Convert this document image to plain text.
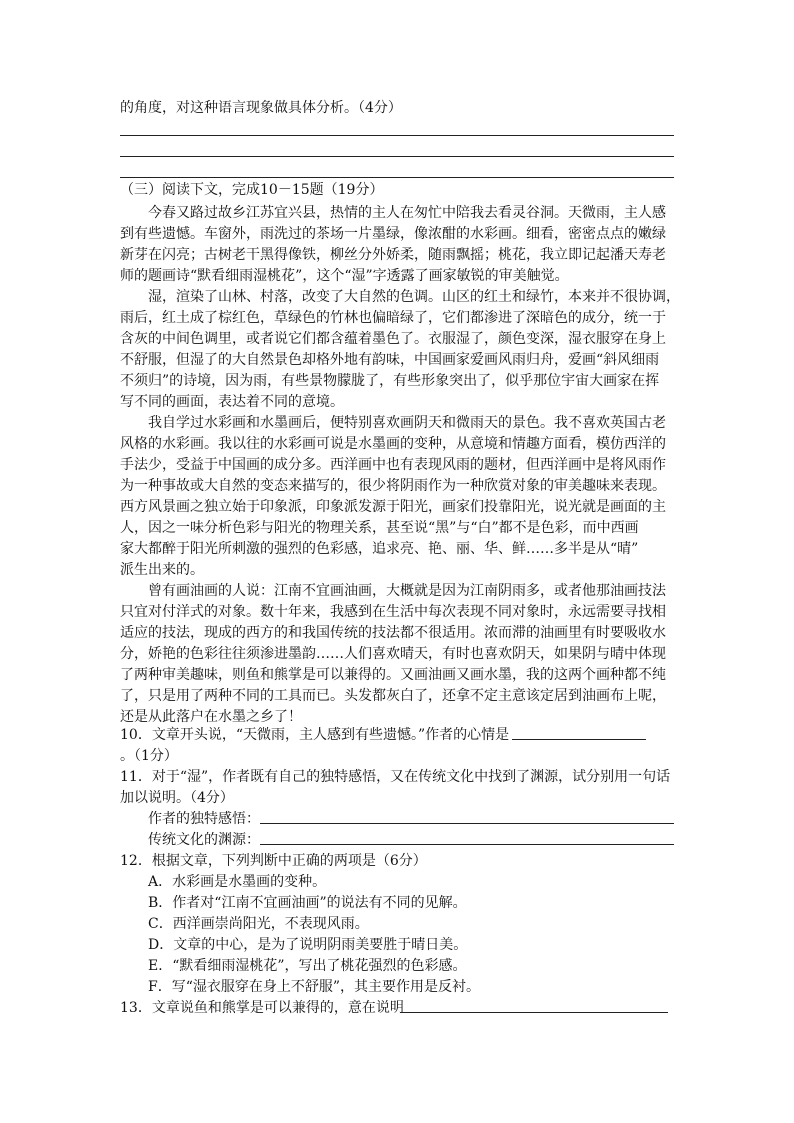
的角度，对这种语言现象做具体分析。（4分）
（三）阅读下文，完成10－15题（19分）
今春又路过故乡江苏宜兴县，热情的主人在匆忙中陪我去看灵谷洞。天微雨，主人感
到有些遗憾。车窗外，雨洗过的茶场一片墨绿，像浓酣的水彩画。细看，密密点点的嫩绿
新芽在闪亮；古树老干黑得像铁，柳丝分外娇柔，随雨飘摇；桃花，我立即记起潘天寿老
师的题画诗“默看细雨湿桃花”，这个“湿”字透露了画家敏锐的审美触觉。
湿，渲染了山林、村落，改变了大自然的色调。山区的红土和绿竹，本来并不很协调，
雨后，红土成了棕红色，草绿色的竹林也偏暗绿了，它们都渗进了深暗色的成分，统一于
含灰的中间色调里，或者说它们都含蕴着墨色了。衣服湿了，颜色变深，湿衣服穿在身上
不舒服，但湿了的大自然景色却格外地有韵味，中国画家爱画风雨归舟，爱画“斜风细雨
不须归”的诗境，因为雨，有些景物朦胧了，有些形象突出了，似乎那位宇宙大画家在挥
写不同的画面，表达着不同的意境。
我自学过水彩画和水墨画后，便特别喜欢画阴天和微雨天的景色。我不喜欢英国古老
风格的水彩画。我以往的水彩画可说是水墨画的变种，从意境和情趣方面看，模仿西洋的
手法少，受益于中国画的成分多。西洋画中也有表现风雨的题材，但西洋画中是将风雨作
为一种事故或大自然的变态来描写的，很少将阴雨作为一种欣赏对象的审美趣味来表现。
西方风景画之独立始于印象派，印象派发源于阳光，画家们投靠阳光，说光就是画面的主
人，因之一味分析色彩与阳光的物理关系，甚至说“黑”与“白”都不是色彩，而中西画
家大都醉于阳光所刺激的强烈的色彩感，追求亮、艳、丽、华、鲜……多半是从“晴”
派生出来的。
曾有画油画的人说：江南不宜画油画，大概就是因为江南阴雨多，或者他那油画技法
只宜对付洋式的对象。数十年来，我感到在生活中每次表现不同对象时，永远需要寻找相
适应的技法，现成的西方的和我国传统的技法都不很适用。浓而滞的油画里有时要吸收水
分，娇艳的色彩往往须渗进墨韵……人们喜欢晴天，有时也喜欢阴天，如果阴与晴中体现
了两种审美趣味，则鱼和熊掌是可以兼得的。又画油画又画水墨，我的这两个画种都不纯
了，只是用了两种不同的工具而已。头发都灰白了，还拿不定主意该定居到油画布上呢，
还是从此落户在水墨之乡了！
10．文章开头说，“天微雨，主人感到有些遗憾。”作者的心情是
。（1分）
11．对于“湿”，作者既有自己的独特感悟，又在传统文化中找到了渊源，试分别用一句话
加以说明。（4分）
作者的独特感悟：
传统文化的渊源：
12．根据文章，下列判断中正确的两项是（6分）
A．水彩画是水墨画的变种。
B．作者对“江南不宜画油画”的说法有不同的见解。
C．西洋画崇尚阳光，不表现风雨。
D．文章的中心，是为了说明阴雨美要胜于晴日美。
E．“默看细雨湿桃花”，写出了桃花强烈的色彩感。
F．写“湿衣服穿在身上不舒服”，其主要作用是反衬。
13．文章说鱼和熊掌是可以兼得的，意在说明
